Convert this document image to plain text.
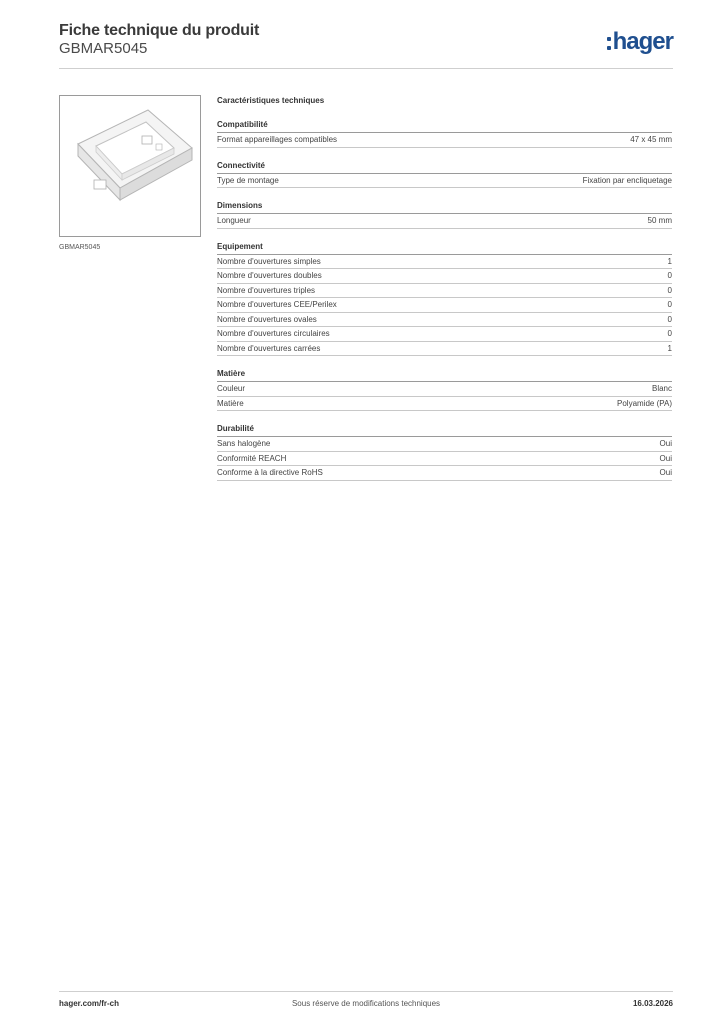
Fiche technique du produit
GBMAR5045	hager
GBMAR5045
Caractéristiques techniques
Compatibilité
Format appareillages compatibles	47 x 45 mm
Connectivité
Type de montage	Fixation par encliquetage
Dimensions
Longueur	50 mm
Equipement
Nombre d'ouvertures simples	1
Nombre d'ouvertures doubles	0
Nombre d'ouvertures triples	0
Nombre d'ouvertures CEE/Perilex	0
Nombre d'ouvertures ovales	0
Nombre d'ouvertures circulaires	0
Nombre d'ouvertures carrées	1
Matière
Couleur	Blanc
Matière	Polyamide (PA)
Durabilité
Sans halogène	Oui
Conformité REACH	Oui
Conforme à la directive RoHS	Oui
hager.com/fr-ch	Sous réserve de modifications techniques	16.03.2026
